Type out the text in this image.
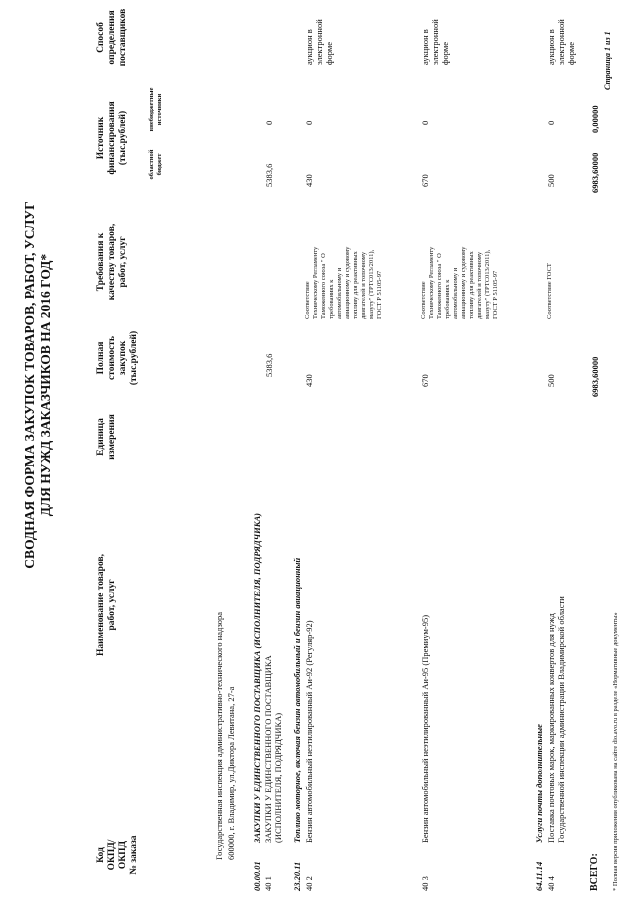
СВОДНАЯ ФОРМА ЗАКУПОК ТОВАРОВ, РАБОТ, УСЛУГ ДЛЯ НУЖД ЗАКАЗЧИКОВ НА 2016 ГОД*
Код ОКПД/ ОКПД № заказа
Наименование товаров, работ, услуг
Единица измерения
Полная стоимость закупок (тыс.рублей)
Требования к качеству товаров, работ, услуг
Источник финансирования (тыс.рублей)	областной бюджет
внебюджетные источники
Способ определения поставщиков
Государственная инспекция административно-технического надзора 600000, г. Владимир, ул.Диктора Левитана, 27-а
00.00.01
ЗАКУПКИ У ЕДИНСТВЕННОГО ПОСТАВЩИКА (ИСПОЛНИТЕЛЯ, ПОДРЯДЧИКА)
40 1
ЗАКУПКИ У ЕДИНСТВЕННОГО ПОСТАВЩИКА (ИСПОЛНИТЕЛЯ, ПОДРЯДЧИКА)
5383,6
5383,6
0
23.20.11
Топливо моторное, включая бензин автомобильный и бензин авиационный
40 2
Бензин автомобильный неэтилированный Аи-92 (Регуляр-92)
430
Соответствие Техническому Регламенту Таможенного союза " О требованиях к автомобильному и авиационному и судовому топливу для реактивных двигателей и топочному мазуту" (ТРТС013/2011), ГОСТ Р 51105-97
430
0
аукцион в электронной форме
40 3
Бензин автомобильный неэтилированный Аи-95 (Премиум-95)
670
Соответствие Техническому Регламенту Таможенного союза " О требованиях к автомобильному и авиационному и судовому топливу для реактивных двигателей и топочному мазуту" (ТРТС013/2011), ГОСТ Р 51105-97
670
0
аукцион в электронной форме
64.11.14
Услуги почты дополнительные
40 4
Поставка почтовых марок, маркированных конвертов для нужд Государственной инспекции администрации Владимирской области
500
Соответствие ГОСТ
500
0
аукцион в электронной форме
ВСЕГО:
6983,60000
6983,60000
0,00000
* Полная версия приложения опубликована на сайте dio.avo.ru в разделе «Нормативные документы»
Страница 1 из 1
